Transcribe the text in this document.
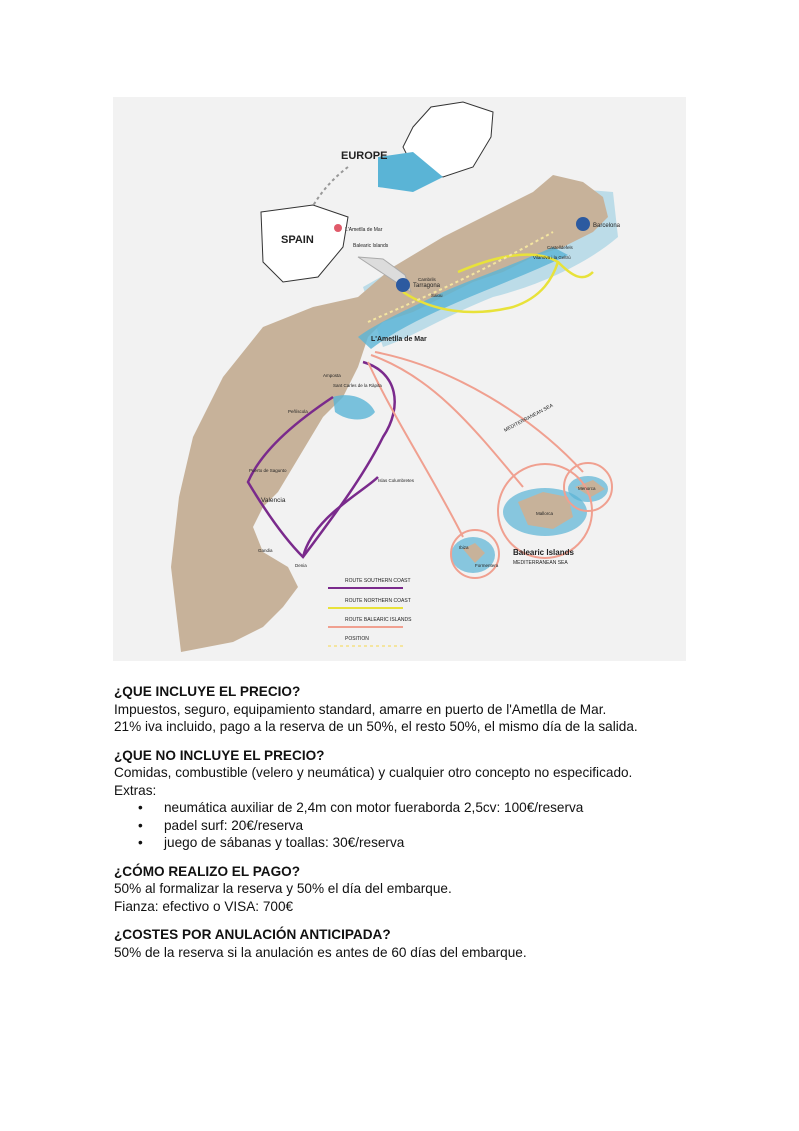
EUROPE
SPAIN
L'Ametlla de Mar
Balearic Islands
Barcelona
Castelldefels
Vilanova i la Geltrú
Tarragona
Salou
Cambrils
L'Ametlla de Mar
Amposta
Sant Carles de la Ràpita
Peñíscola
Puerto de Sagunto
Valencia
Gandia
Denia
Islas Columbretes
Mallorca
Menorca
Ibiza
Formentera
MEDITERRANEAN SEA
Balearic Islands
MEDITERRANEAN SEA
ROUTE SOUTHERN COAST
ROUTE NORTHERN COAST
ROUTE BALEARIC ISLANDS
POSITION
¿QUE INCLUYE EL PRECIO?

Impuestos, seguro, equipamiento standard, amarre en puerto de l'Ametlla de Mar.

21% iva incluido, pago a la reserva de un 50%, el resto 50%, el mismo día de la salida.

¿QUE NO INCLUYE EL PRECIO?

Comidas, combustible (velero y neumática) y cualquier otro concepto no especificado.

Extras:

• neumática auxiliar de 2,4m con motor fueraborda 2,5cv: 100€/reserva
• padel surf: 20€/reserva
• juego de sábanas y toallas: 30€/reserva
¿CÓMO REALIZO EL PAGO?

50% al formalizar la reserva y 50% el día del embarque.

Fianza: efectivo o VISA: 700€

¿COSTES POR ANULACIÓN ANTICIPADA?

50% de la reserva si la anulación es antes de 60 días del embarque.
